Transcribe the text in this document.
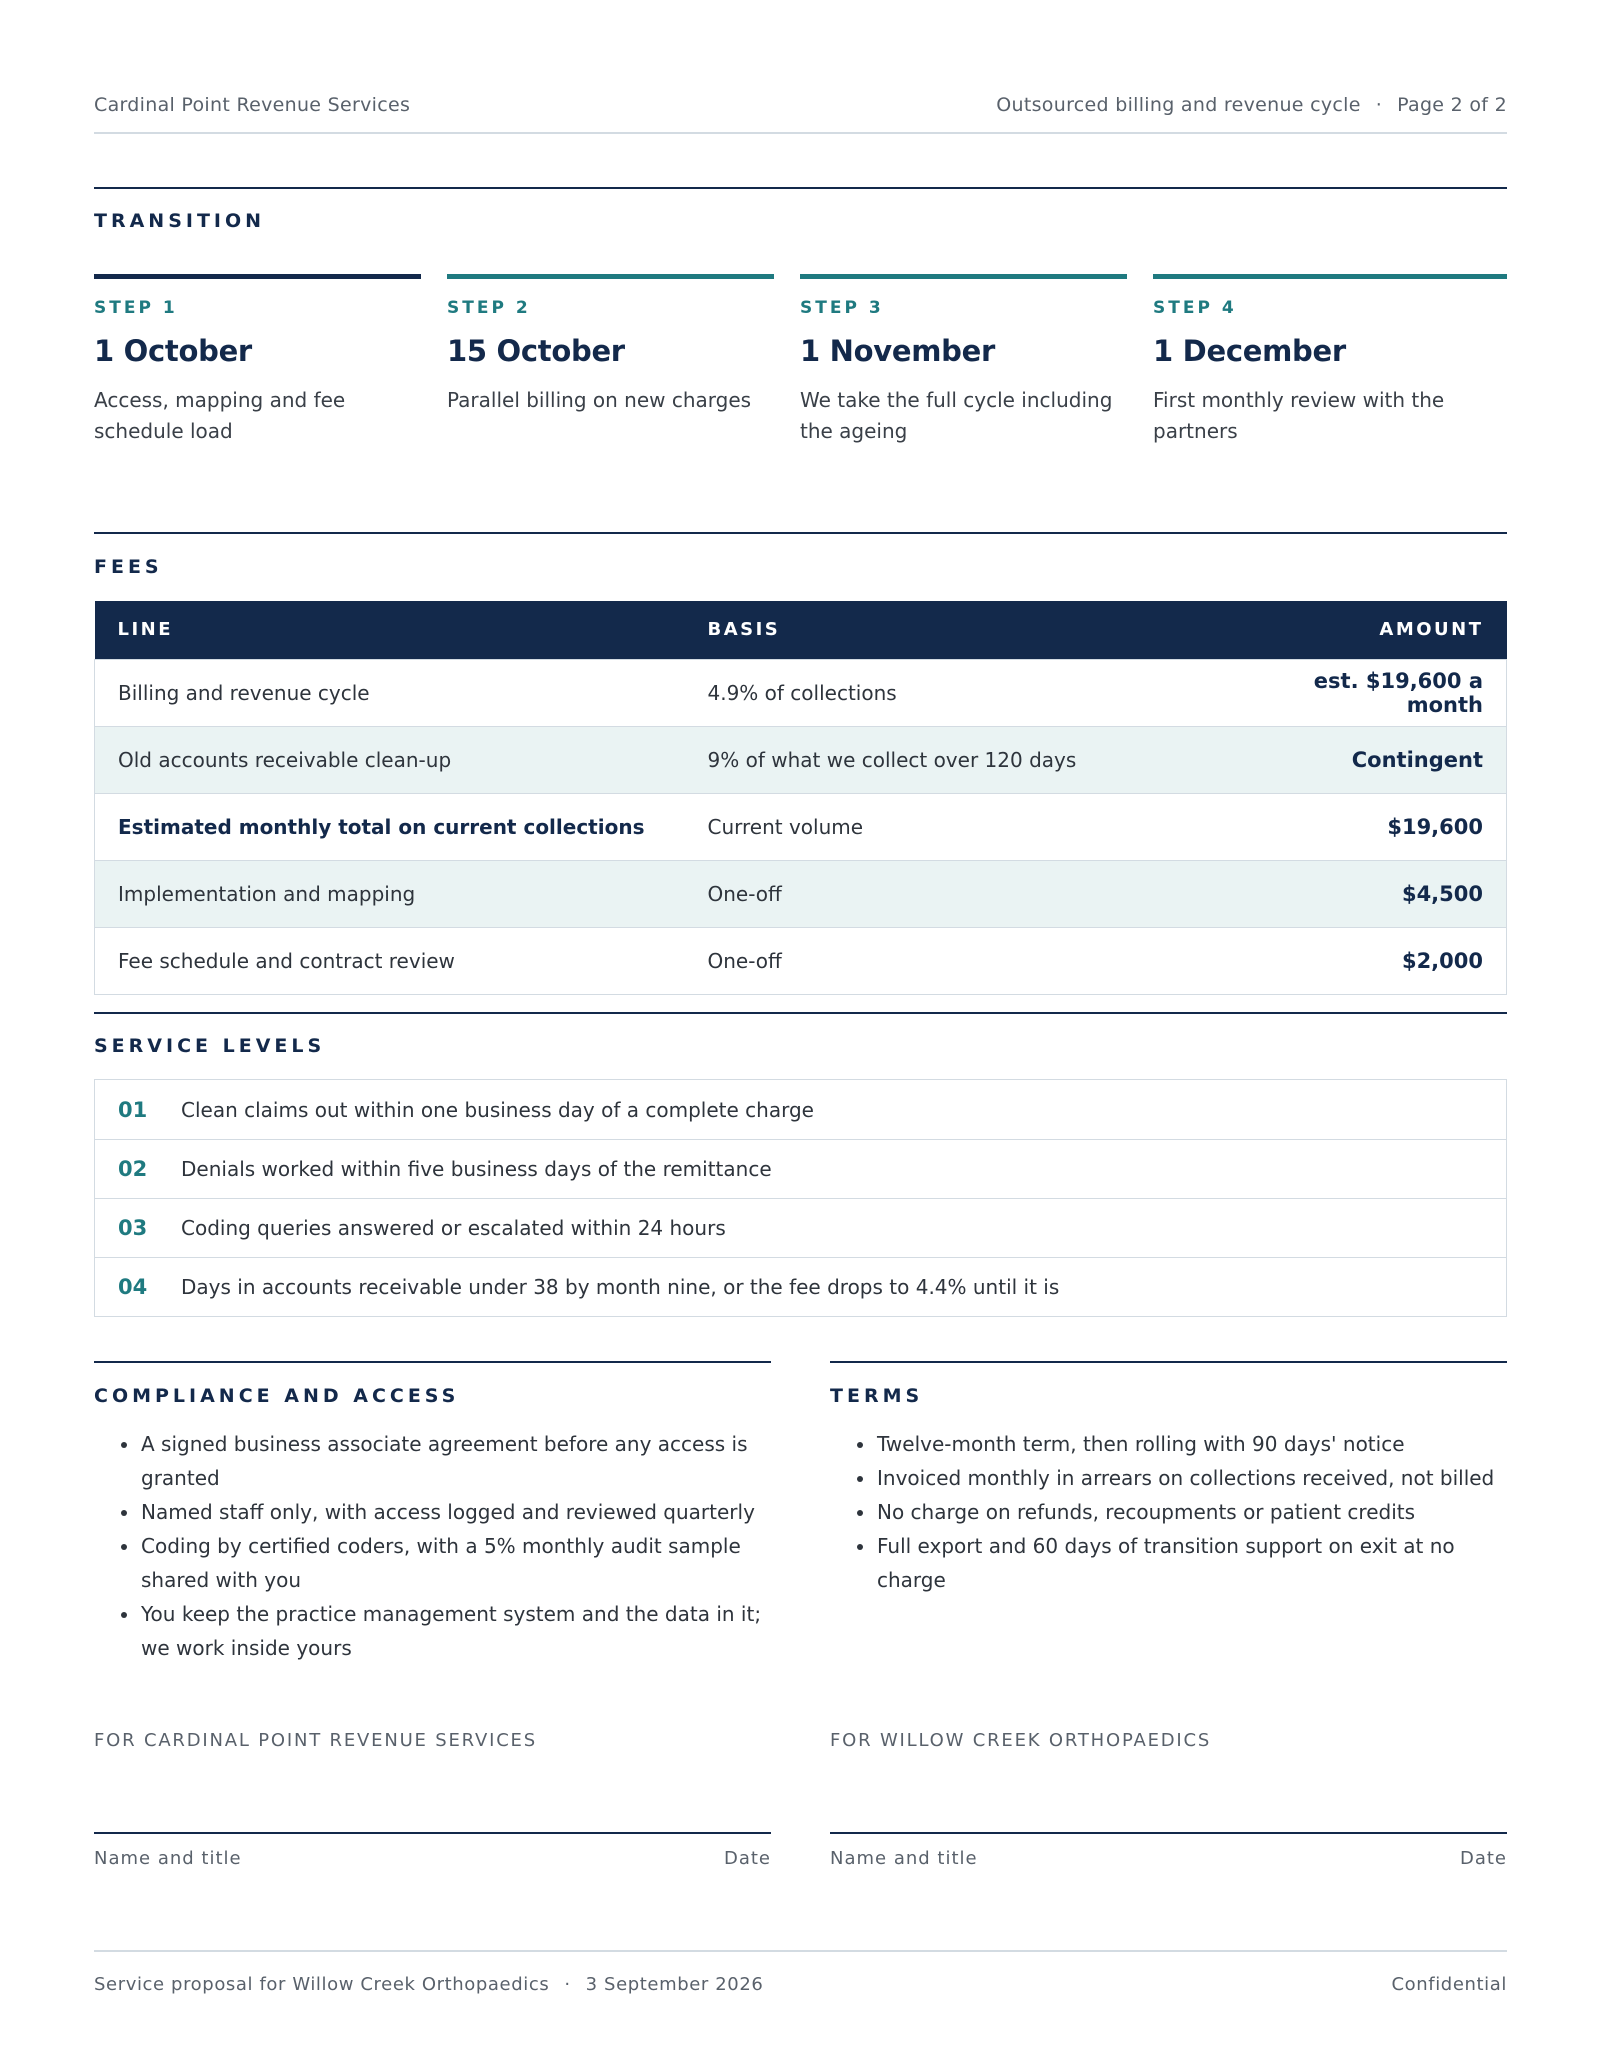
Cardinal Point Revenue Services	Outsourced billing and revenue cycle · Page 2 of 2
TRANSITION
STEP 1
1 October
Access, mapping and fee schedule load
STEP 2
15 October
Parallel billing on new charges
STEP 3
1 November
We take the full cycle including the ageing
STEP 4
1 December
First monthly review with the partners
FEES
LINE	BASIS	AMOUNT
Billing and revenue cycle	4.9% of collections	est. $19,600 a month
Old accounts receivable clean-up	9% of what we collect over 120 days	Contingent
Estimated monthly total on current collections	Current volume	$19,600
Implementation and mapping	One-off	$4,500
Fee schedule and contract review	One-off	$2,000
SERVICE LEVELS
01	Clean claims out within one business day of a complete charge
02	Denials worked within five business days of the remittance
03	Coding queries answered or escalated within 24 hours
04	Days in accounts receivable under 38 by month nine, or the fee drops to 4.4% until it is
COMPLIANCE AND ACCESS
A signed business associate agreement before any access is granted
Named staff only, with access logged and reviewed quarterly
Coding by certified coders, with a 5% monthly audit sample shared with you
You keep the practice management system and the data in it; we work inside yours
TERMS
Twelve-month term, then rolling with 90 days' notice
Invoiced monthly in arrears on collections received, not billed
No charge on refunds, recoupments or patient credits
Full export and 60 days of transition support on exit at no charge
FOR CARDINAL POINT REVENUE SERVICES
Name and title	Date
FOR WILLOW CREEK ORTHOPAEDICS
Name and title	Date
Service proposal for Willow Creek Orthopaedics · 3 September 2026	Confidential
